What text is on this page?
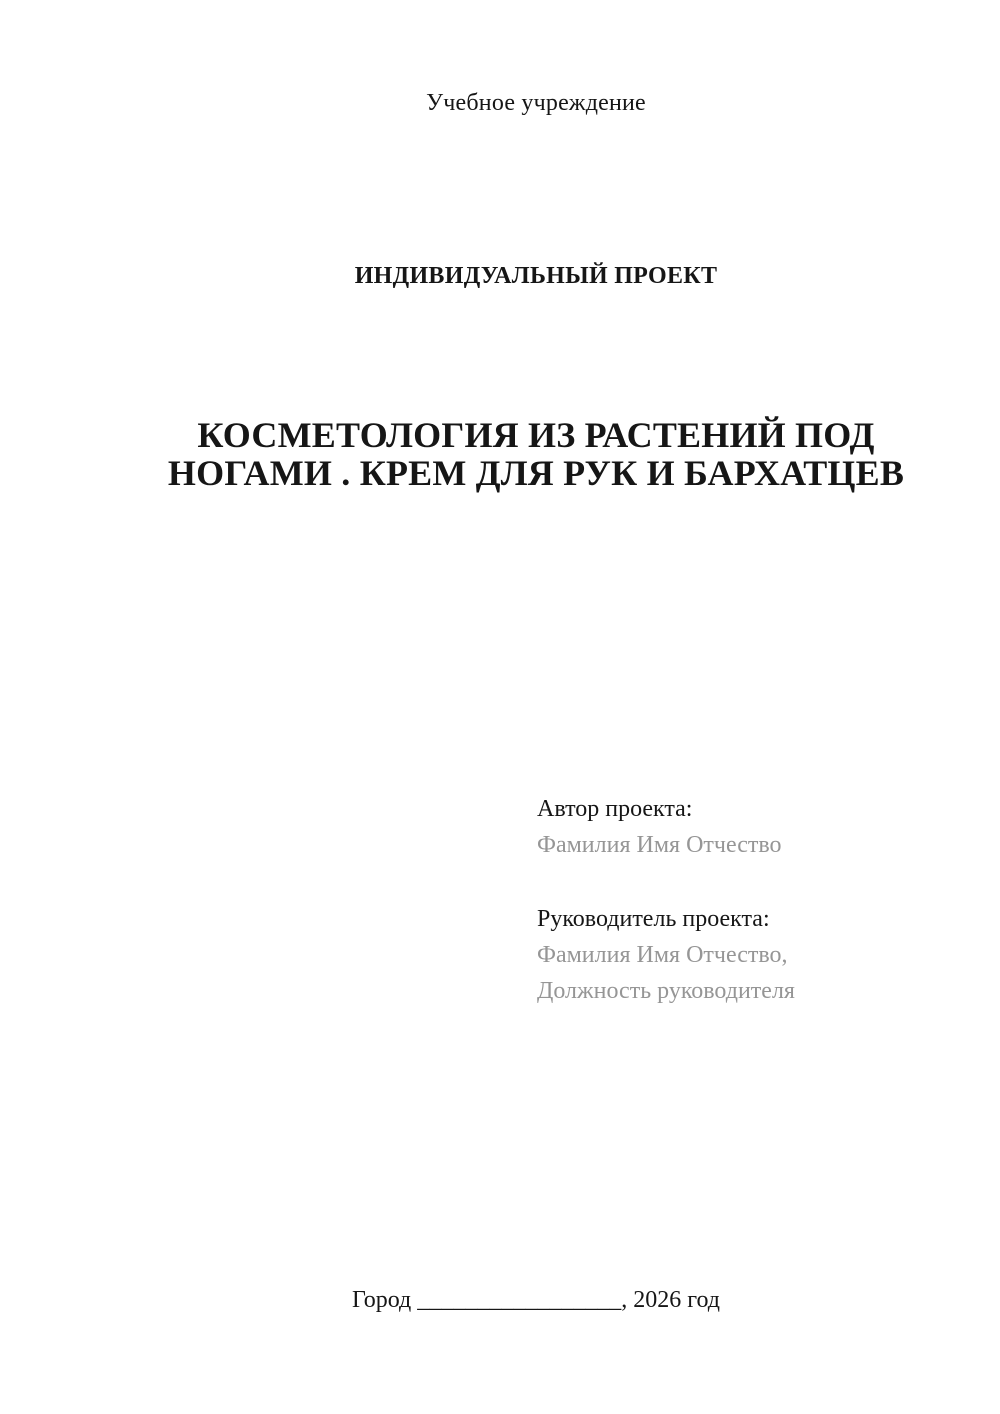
Учебное учреждение
ИНДИВИДУАЛЬНЫЙ ПРОЕКТ
КОСМЕТОЛОГИЯ ИЗ РАСТЕНИЙ ПОД НОГАМИ . КРЕМ ДЛЯ РУК И БАРХАТЦЕВ
Автор проекта:
Фамилия Имя Отчество
Руководитель проекта:
Фамилия Имя Отчество,
Должность руководителя
Город _________________, 2026 год
